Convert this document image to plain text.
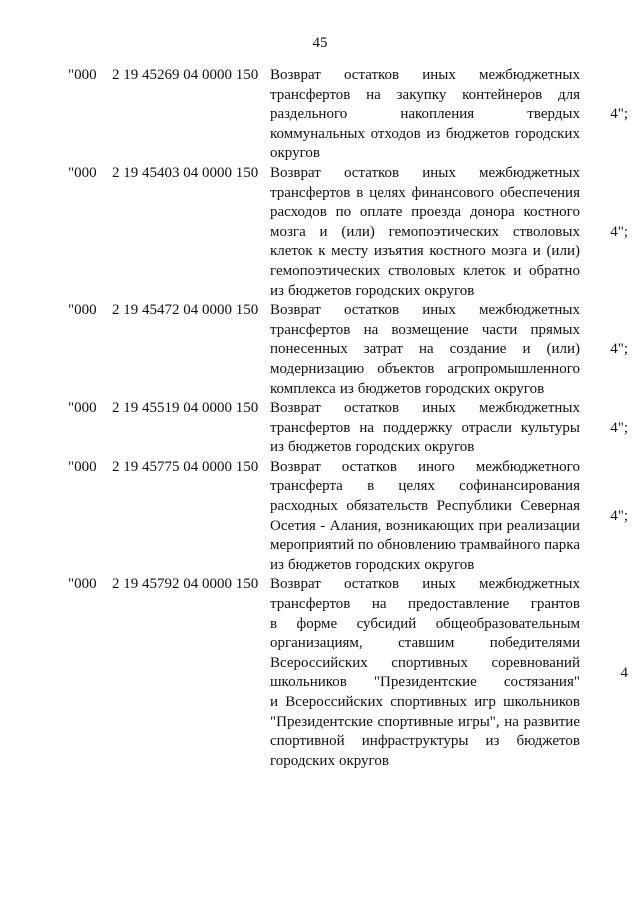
45
"000	2 19 45269 04 0000 150 Возврат остатков иных межбюджетных
трансфертов на закупку контейнеров для
раздельного	накопления	твердых
коммунальных отходов из бюджетов городских
округов
4";
"000	2 19 45403 04 0000 150 Возврат остатков иных межбюджетных
трансфертов в целях финансового обеспечения
расходов по оплате проезда донора костного
мозга и (или) гемопоэтических стволовых
клеток к месту изъятия костного мозга и (или)
гемопоэтических стволовых клеток и обратно
из бюджетов городских округов
4";
"000	2 19 45472 04 0000 150 Возврат остатков иных межбюджетных
трансфертов на возмещение части прямых
понесенных затрат на создание и (или)
модернизацию объектов агропромышленного
комплекса из бюджетов городских округов
4";
"000	2 19 45519 04 0000 150 Возврат остатков иных межбюджетных
трансфертов на поддержку отрасли культуры
из бюджетов городских округов
4";
"000	2 19 45775 04 0000 150 Возврат остатков иного межбюджетного
трансферта в целях софинансирования
расходных обязательств Республики Северная
Осетия - Алания, возникающих при реализации
мероприятий по обновлению трамвайного парка
из бюджетов городских округов
4";
"000	2 19 45792 04 0000 150 Возврат остатков иных межбюджетных
трансфертов на предоставление грантов
в форме субсидий общеобразовательным
организациям, ставшим победителями
Всероссийских спортивных соревнований
школьников "Президентские состязания"
и Всероссийских спортивных игр школьников
"Президентские спортивные игры", на развитие
спортивной инфраструктуры из бюджетов
городских округов
4
